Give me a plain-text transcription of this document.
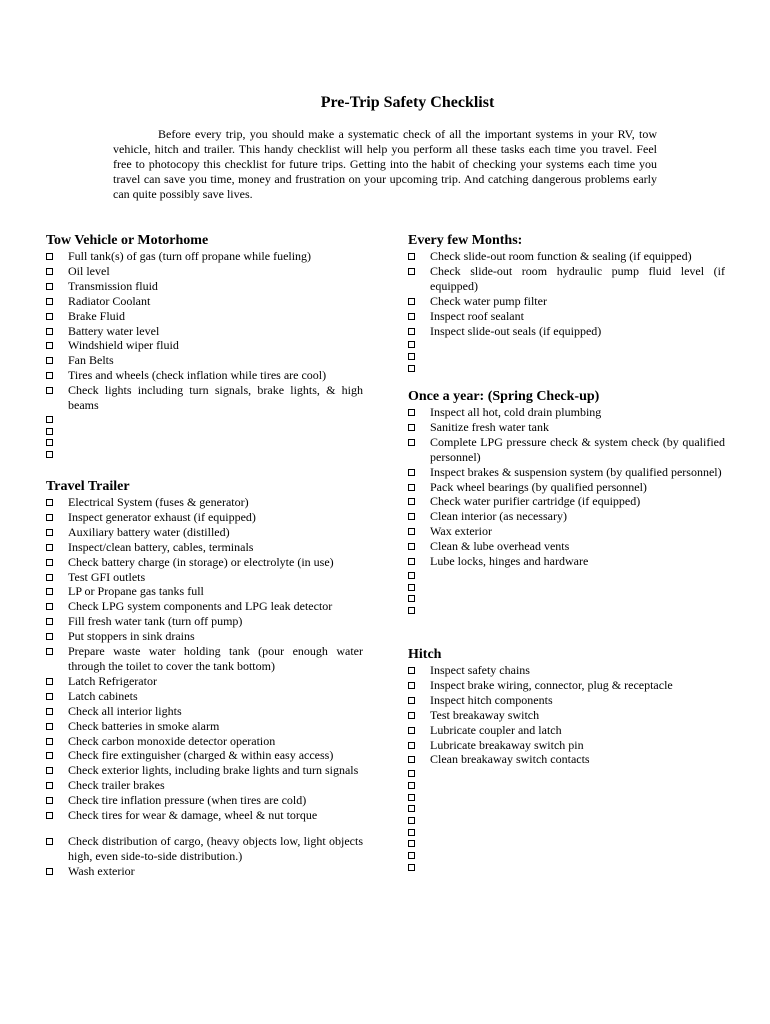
Pre-Trip Safety Checklist
Before every trip, you should make a systematic check of all the important systems in your RV, tow vehicle, hitch and trailer. This handy checklist will help you perform all these tasks each time you travel. Feel free to photocopy this checklist for future trips. Getting into the habit of checking your systems each time you travel can save you time, money and frustration on your upcoming trip. And catching dangerous problems early can quite possibly save lives.
Tow Vehicle or Motorhome
Full tank(s) of gas (turn off propane while fueling)
Oil level
Transmission fluid
Radiator Coolant
Brake Fluid
Battery water level
Windshield wiper fluid
Fan Belts
Tires and wheels (check inflation while tires are cool)
Check lights including turn signals, brake lights, & high beams
Travel Trailer
Electrical System (fuses & generator)
Inspect generator exhaust (if equipped)
Auxiliary battery water (distilled)
Inspect/clean battery, cables, terminals
Check battery charge (in storage) or electrolyte (in use)
Test GFI outlets
LP or Propane gas tanks full
Check LPG system components and LPG leak detector
Fill fresh water tank (turn off pump)
Put stoppers in sink drains
Prepare waste water holding tank (pour enough water through the toilet to cover the tank bottom)
Latch Refrigerator
Latch cabinets
Check all interior lights
Check batteries in smoke alarm
Check carbon monoxide detector operation
Check fire extinguisher (charged & within easy access)
Check exterior lights, including brake lights and turn signals
Check trailer brakes
Check tire inflation pressure (when tires are cold)
Check tires for wear & damage, wheel & nut torque
Check distribution of cargo, (heavy objects low, light objects high, even side-to-side distribution.)
Wash exterior
Every few Months:
Check slide-out room function & sealing (if equipped)
Check slide-out room hydraulic pump fluid level (if equipped)
Check water pump filter
Inspect roof sealant
Inspect slide-out seals (if equipped)
Once a year: (Spring Check-up)
Inspect all hot, cold drain plumbing
Sanitize fresh water tank
Complete LPG pressure check & system check (by qualified personnel)
Inspect brakes & suspension system (by qualified personnel)
Pack wheel bearings (by qualified personnel)
Check water purifier cartridge (if equipped)
Clean interior (as necessary)
Wax exterior
Clean & lube overhead vents
Lube locks, hinges and hardware
Hitch
Inspect safety chains
Inspect brake wiring, connector, plug & receptacle
Inspect hitch components
Test breakaway switch
Lubricate coupler and latch
Lubricate breakaway switch pin
Clean breakaway switch contacts
